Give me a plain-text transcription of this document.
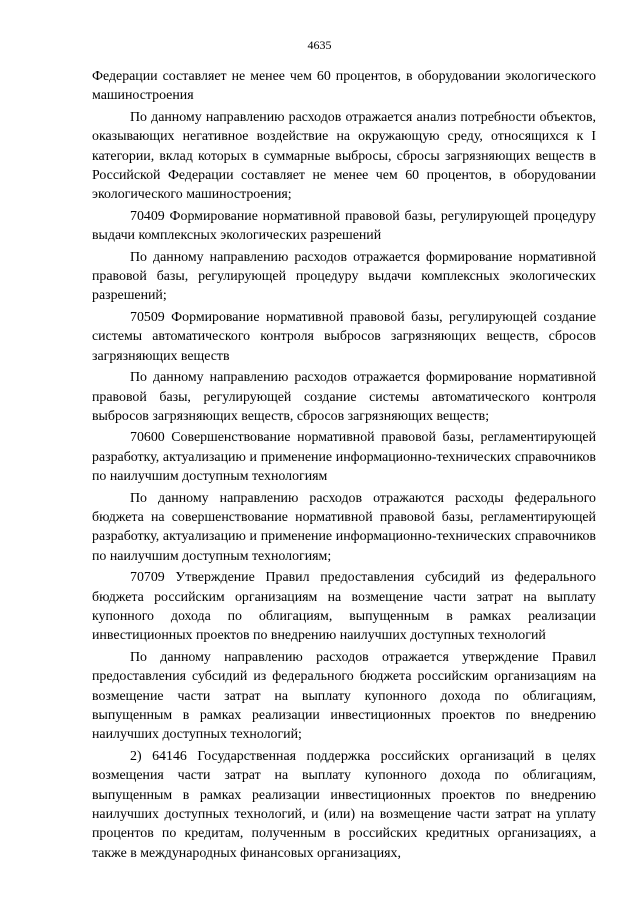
4635

Федерации составляет не менее чем 60 процентов, в оборудовании экологического машиностроения

По данному направлению расходов отражается анализ потребности объектов, оказывающих негативное воздействие на окружающую среду, относящихся к I категории, вклад которых в суммарные выбросы, сбросы загрязняющих веществ в Российской Федерации составляет не менее чем 60 процентов, в оборудовании экологического машиностроения;

70409 Формирование нормативной правовой базы, регулирующей процедуру выдачи комплексных экологических разрешений

По данному направлению расходов отражается формирование нормативной правовой базы, регулирующей процедуру выдачи комплексных экологических разрешений;

70509 Формирование нормативной правовой базы, регулирующей создание системы автоматического контроля выбросов загрязняющих веществ, сбросов загрязняющих веществ

По данному направлению расходов отражается формирование нормативной правовой базы, регулирующей создание системы автоматического контроля выбросов загрязняющих веществ, сбросов загрязняющих веществ;

70600 Совершенствование нормативной правовой базы, регламентирующей разработку, актуализацию и применение информационно-технических справочников по наилучшим доступным технологиям

По данному направлению расходов отражаются расходы федерального бюджета на совершенствование нормативной правовой базы, регламентирующей разработку, актуализацию и применение информационно-технических справочников по наилучшим доступным технологиям;

70709 Утверждение Правил предоставления субсидий из федерального бюджета российским организациям на возмещение части затрат на выплату купонного дохода по облигациям, выпущенным в рамках реализации инвестиционных проектов по внедрению наилучших доступных технологий

По данному направлению расходов отражается утверждение Правил предоставления субсидий из федерального бюджета российским организациям на возмещение части затрат на выплату купонного дохода по облигациям, выпущенным в рамках реализации инвестиционных проектов по внедрению наилучших доступных технологий;

2) 64146 Государственная поддержка российских организаций в целях возмещения части затрат на выплату купонного дохода по облигациям, выпущенным в рамках реализации инвестиционных проектов по внедрению наилучших доступных технологий, и (или) на возмещение части затрат на уплату процентов по кредитам, полученным в российских кредитных организациях, а также в международных финансовых организациях,
